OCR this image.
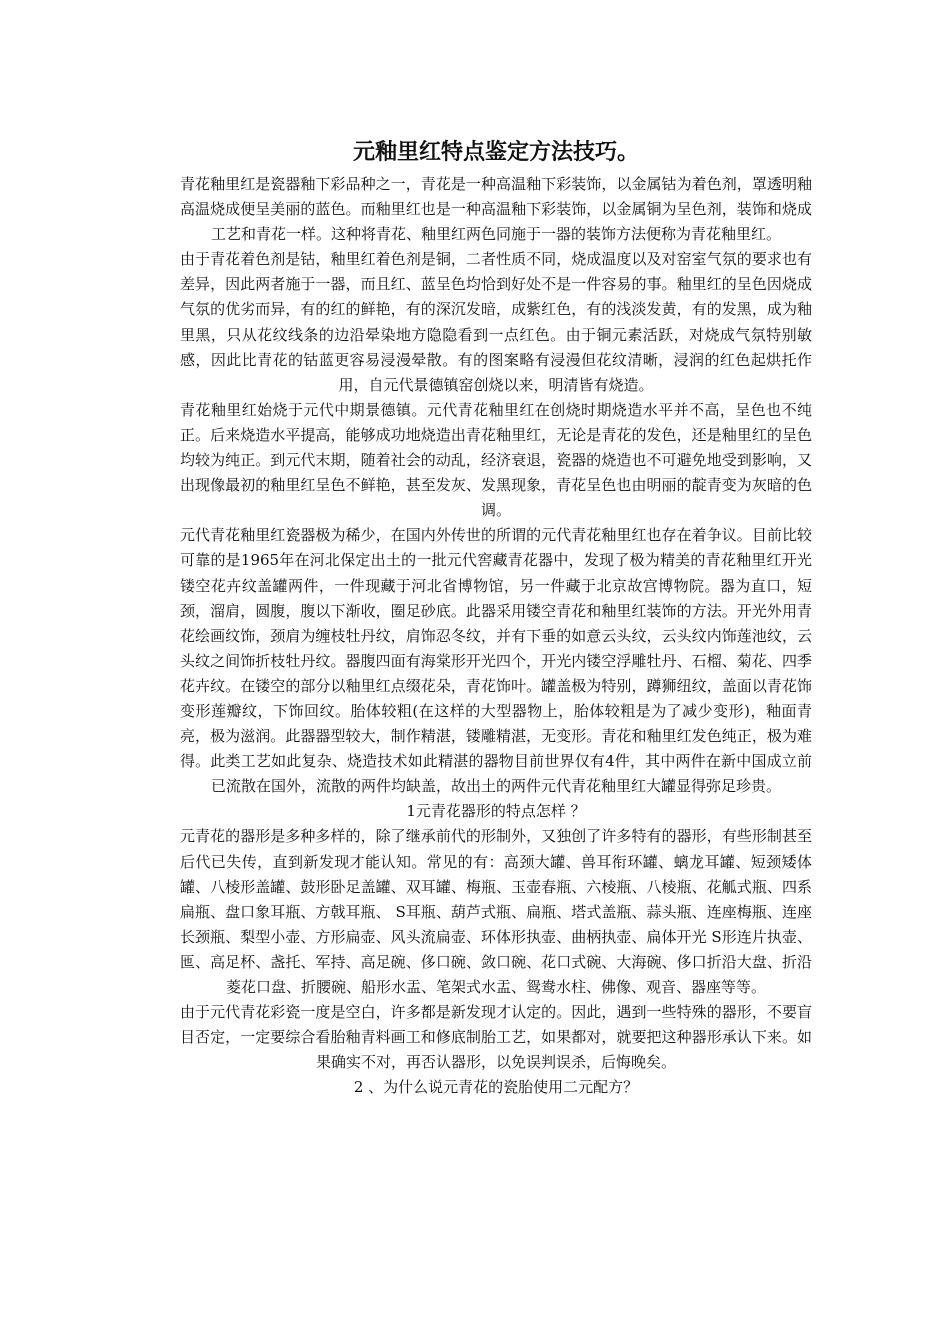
元釉里红特点鉴定方法技巧。

青花釉里红是瓷器釉下彩品种之一，青花是一种高温釉下彩装饰，以金属钴为着色剂，罩透明釉高温烧成便呈美丽的蓝色。而釉里红也是一种高温釉下彩装饰，以金属铜为呈色剂，装饰和烧成工艺和青花一样。这种将青花、釉里红两色同施于一器的装饰方法便称为青花釉里红。

由于青花着色剂是钴，釉里红着色剂是铜，二者性质不同，烧成温度以及对窑室气氛的要求也有差异，因此两者施于一器，而且红、蓝呈色均恰到好处不是一件容易的事。釉里红的呈色因烧成气氛的优劣而异，有的红的鲜艳，有的深沉发暗，成紫红色，有的浅淡发黄，有的发黑，成为釉里黑，只从花纹线条的边沿晕染地方隐隐看到一点红色。由于铜元素活跃，对烧成气氛特别敏感，因此比青花的钴蓝更容易浸漫晕散。有的图案略有浸漫但花纹清晰，浸润的红色起烘托作用，自元代景德镇窑创烧以来，明清皆有烧造。

青花釉里红始烧于元代中期景德镇。元代青花釉里红在创烧时期烧造水平并不高，呈色也不纯正。后来烧造水平提高，能够成功地烧造出青花釉里红，无论是青花的发色，还是釉里红的呈色均较为纯正。到元代末期，随着社会的动乱，经济衰退，瓷器的烧造也不可避免地受到影响，又出现像最初的釉里红呈色不鲜艳，甚至发灰、发黑现象，青花呈色也由明丽的靛青变为灰暗的色调。

元代青花釉里红瓷器极为稀少，在国内外传世的所谓的元代青花釉里红也存在着争议。目前比较可靠的是1965年在河北保定出土的一批元代窖藏青花器中，发现了极为精美的青花釉里红开光镂空花卉纹盖罐两件，一件现藏于河北省博物馆，另一件藏于北京故宫博物院。器为直口，短颈，溜肩，圆腹，腹以下渐收，圈足砂底。此器采用镂空青花和釉里红装饰的方法。开光外用青花绘画纹饰，颈肩为缠枝牡丹纹，肩饰忍冬纹，并有下垂的如意云头纹，云头纹内饰莲池纹，云头纹之间饰折枝牡丹纹。器腹四面有海棠形开光四个，开光内镂空浮雕牡丹、石榴、菊花、四季花卉纹。在镂空的部分以釉里红点缀花朵，青花饰叶。罐盖极为特别，蹲狮纽纹，盖面以青花饰变形莲瓣纹，下饰回纹。胎体较粗(在这样的大型器物上，胎体较粗是为了减少变形)，釉面青亮，极为滋润。此器器型较大，制作精湛，镂雕精湛，无变形。青花和釉里红发色纯正，极为难得。此类工艺如此复杂、烧造技术如此精湛的器物目前世界仅有4件，其中两件在新中国成立前已流散在国外，流散的两件均缺盖，故出土的两件元代青花釉里红大罐显得弥足珍贵。

1元青花器形的特点怎样 ？

元青花的器形是多种多样的，除了继承前代的形制外，又独创了许多特有的器形，有些形制甚至后代已失传，直到新发现才能认知。常见的有：高颈大罐、兽耳衔环罐、螭龙耳罐、短颈矮体罐、八棱形盖罐、鼓形卧足盖罐、双耳罐、梅瓶、玉壶春瓶、六棱瓶、八棱瓶、花觚式瓶、四系扁瓶、盘口象耳瓶、方戟耳瓶、 S耳瓶、葫芦式瓶、扁瓶、塔式盖瓶、蒜头瓶、连座梅瓶、连座长颈瓶、梨型小壶、方形扁壶、风头流扁壶、环体形执壶、曲柄执壶、扁体开光 S形连片执壶、匜、高足杯、盏托、军持、高足碗、侈口碗、敛口碗、花口式碗、大海碗、侈口折沿大盘、折沿菱花口盘、折腰碗、船形水盂、笔架式水盂、鸳鸯水柱、佛像、观音、器座等等。

由于元代青花彩瓷一度是空白，许多都是新发现才认定的。因此，遇到一些特殊的器形，不要盲目否定，一定要综合看胎釉青料画工和修底制胎工艺，如果都对，就要把这种器形承认下来。如果确实不对，再否认器形，以免误判误杀，后悔晚矣。

2 、为什么说元青花的瓷胎使用二元配方？
